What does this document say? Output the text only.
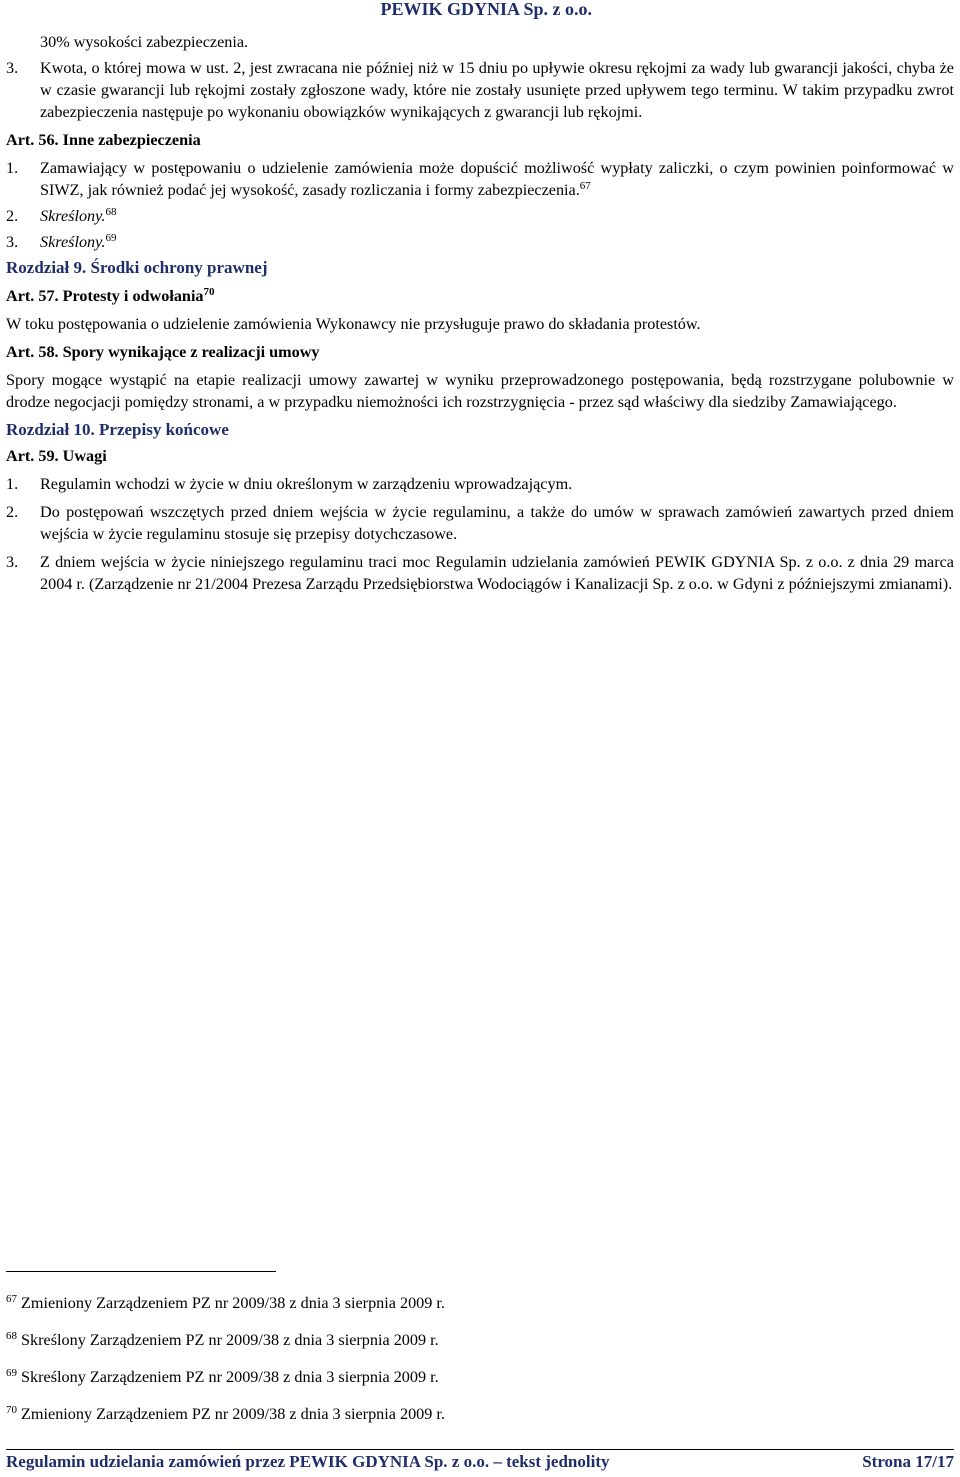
PEWIK GDYNIA Sp. z o.o.
30% wysokości zabezpieczenia.
3. Kwota, o której mowa w ust. 2, jest zwracana nie później niż w 15 dniu po upływie okresu rękojmi za wady lub gwarancji jakości, chyba że w czasie gwarancji lub rękojmi zostały zgłoszone wady, które nie zostały usunięte przed upływem tego terminu. W takim przypadku zwrot zabezpieczenia następuje po wykonaniu obowiązków wynikających z gwarancji lub rękojmi.
Art. 56. Inne zabezpieczenia
1. Zamawiający w postępowaniu o udzielenie zamówienia może dopuścić możliwość wypłaty zaliczki, o czym powinien poinformować w SIWZ, jak również podać jej wysokość, zasady rozliczania i formy zabezpieczenia.$^{67}$
2. Skreślony.$^{68}$
3. Skreślony.$^{69}$
Rozdział 9. Środki ochrony prawnej
Art. 57. Protesty i odwołania$^{70}$
W toku postępowania o udzielenie zamówienia Wykonawcy nie przysługuje prawo do składania protestów.
Art. 58. Spory wynikające z realizacji umowy
Spory mogące wystąpić na etapie realizacji umowy zawartej w wyniku przeprowadzonego postępowania, będą rozstrzygane polubownie w drodze negocjacji pomiędzy stronami, a w przypadku niemożności ich rozstrzygnięcia - przez sąd właściwy dla siedziby Zamawiającego.
Rozdział 10. Przepisy końcowe
Art. 59. Uwagi
1. Regulamin wchodzi w życie w dniu określonym w zarządzeniu wprowadzającym.
2. Do postępowań wszczętych przed dniem wejścia w życie regulaminu, a także do umów w sprawach zamówień zawartych przed dniem wejścia w życie regulaminu stosuje się przepisy dotychczasowe.
3. Z dniem wejścia w życie niniejszego regulaminu traci moc Regulamin udzielania zamówień PEWIK GDYNIA Sp. z o.o. z dnia 29 marca 2004 r. (Zarządzenie nr 21/2004 Prezesa Zarządu Przedsiębiorstwa Wodociągów i Kanalizacji Sp. z o.o. w Gdyni z późniejszymi zmianami).
$^{67}$ Zmieniony Zarządzeniem PZ nr 2009/38 z dnia 3 sierpnia 2009 r.
$^{68}$ Skreślony Zarządzeniem PZ nr 2009/38 z dnia 3 sierpnia 2009 r.
$^{69}$ Skreślony Zarządzeniem PZ nr 2009/38 z dnia 3 sierpnia 2009 r.
$^{70}$ Zmieniony Zarządzeniem PZ nr 2009/38 z dnia 3 sierpnia 2009 r.
Regulamin udzielania zamówień przez PEWIK GDYNIA Sp. z o.o. – tekst jednolity	Strona 17/17
